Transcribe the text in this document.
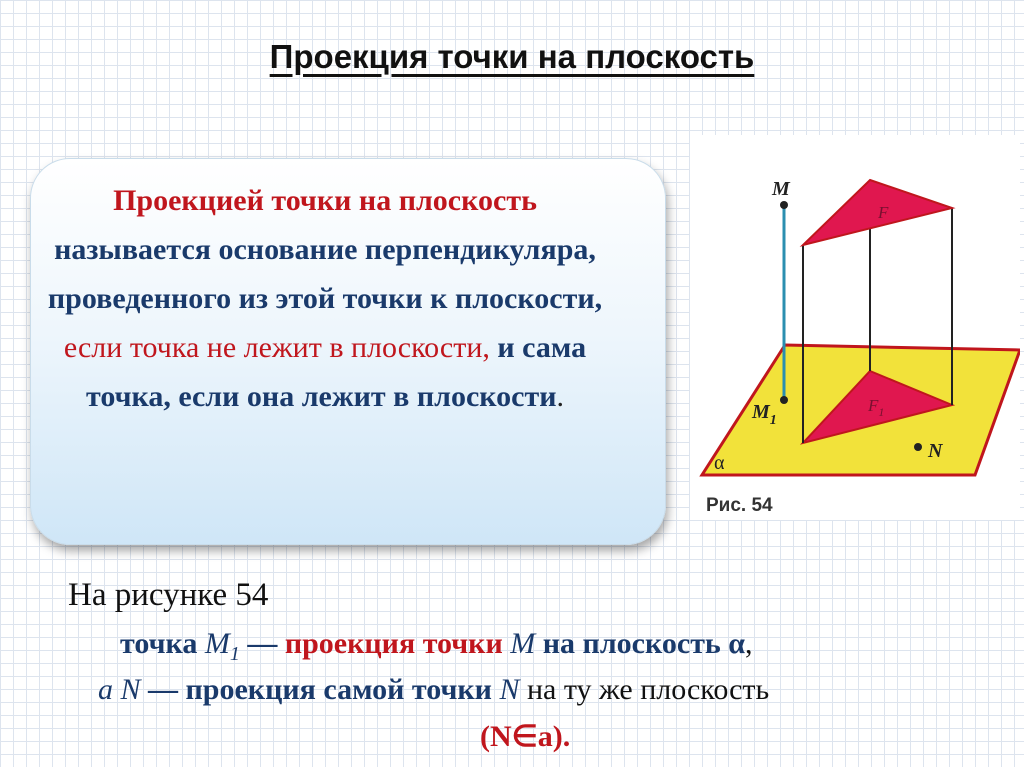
Проекция точки на плоскость
Проекцией точки на плоскость называется основание перпендикуляра, проведенного из этой точки к плоскости, если точка не лежит в плоскости, и сама точка, если она лежит в плоскости.
M
$M_1$
F
$F_1$
N
α
Рис. 54
На рисунке 54
точка $M_1$ — проекция точки M на плоскость α,
а N — проекция самой точки N на ту же плоскость
(N∈a).
